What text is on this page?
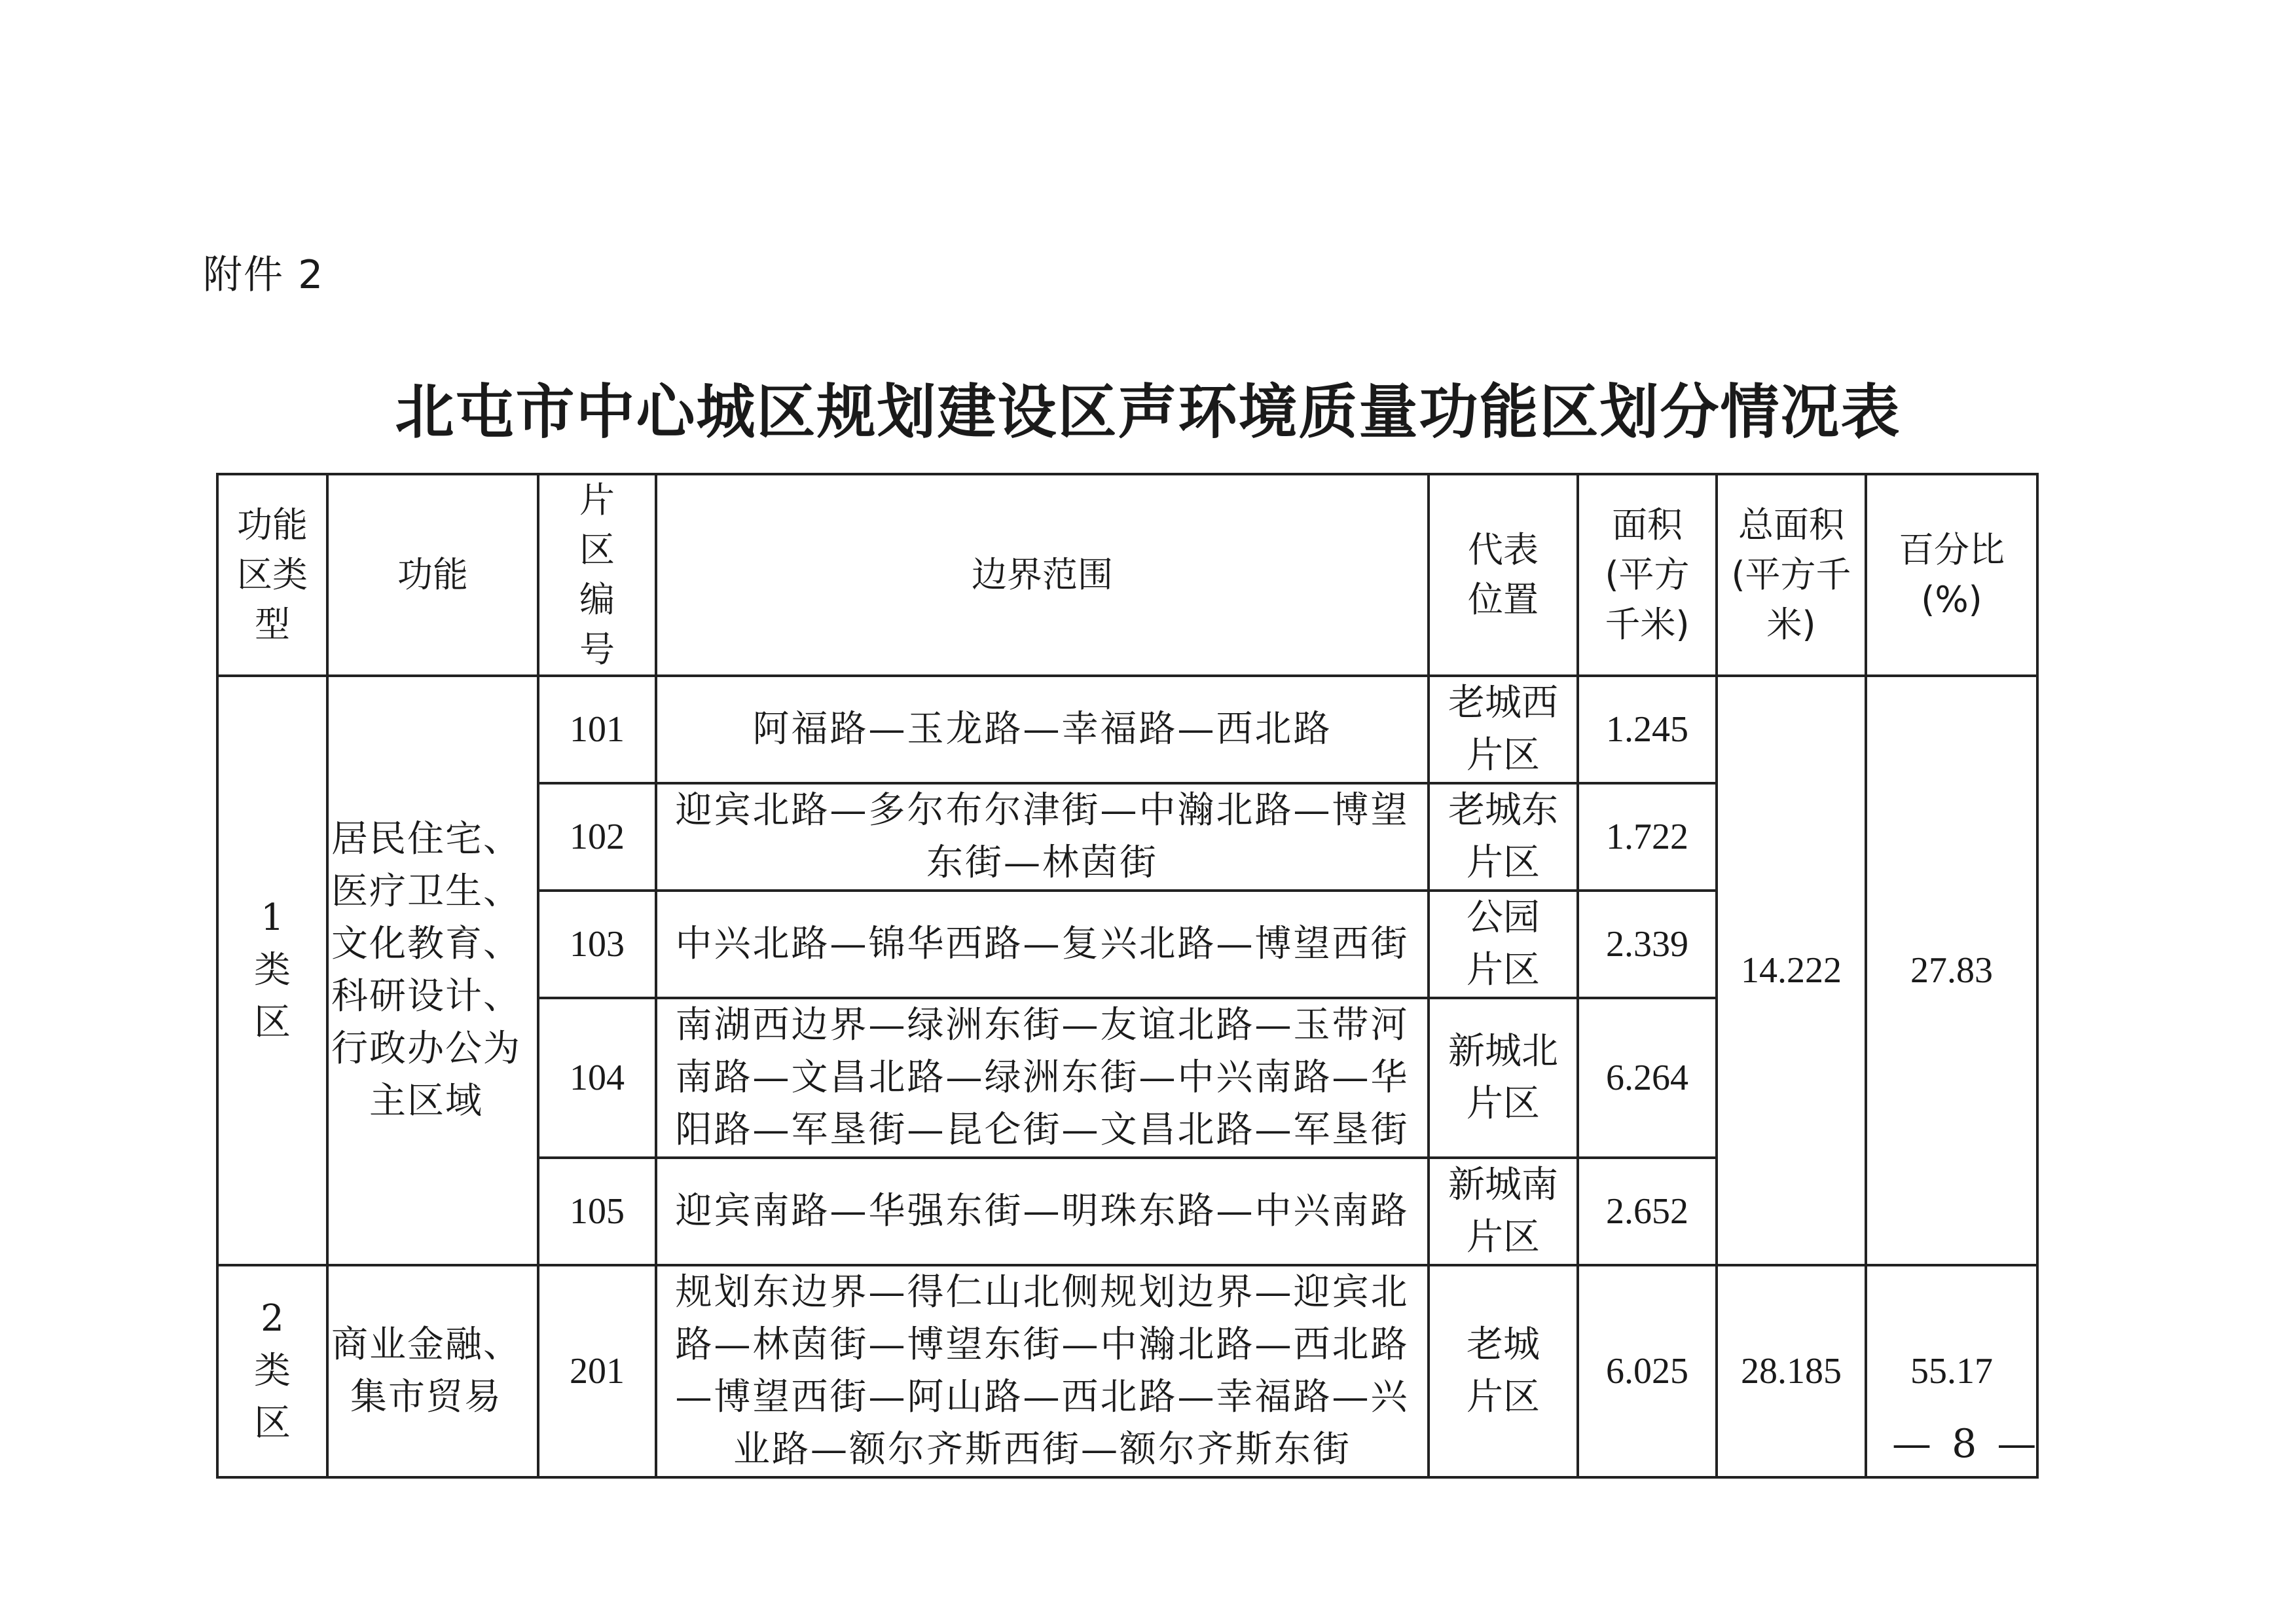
附件 2
北屯市中心城区规划建设区声环境质量功能区划分情况表
功能区类型	功能	片区编号	边界范围	代表位置	面积(平方千米)	总面积(平方千米)	百分比(%)
1类区	居民住宅、医疗卫生、文化教育、科研设计、行政办公为主区域	101	阿福路—玉龙路—幸福路—西北路	老城西片区	1.245	14.222	27.83
		102	迎宾北路—多尔布尔津街—中瀚北路—博望东街—林茵街	老城东片区	1.722		
		103	中兴北路—锦华西路—复兴北路—博望西街	公园片区	2.339		
		104	南湖西边界—绿洲东街—友谊北路—玉带河南路—文昌北路—绿洲东街—中兴南路—华阳路—军垦街—昆仑街—文昌北路—军垦街	新城北片区	6.264		
		105	迎宾南路—华强东街—明珠东路—中兴南路	新城南片区	2.652		
2类区	商业金融、集市贸易	201	规划东边界—得仁山北侧规划边界—迎宾北路—林茵街—博望东街—中瀚北路—西北路—博望西街—阿山路—西北路—幸福路—兴业路—额尔齐斯西街—额尔齐斯东街	老城片区	6.025	28.185	55.17
— 8 —
